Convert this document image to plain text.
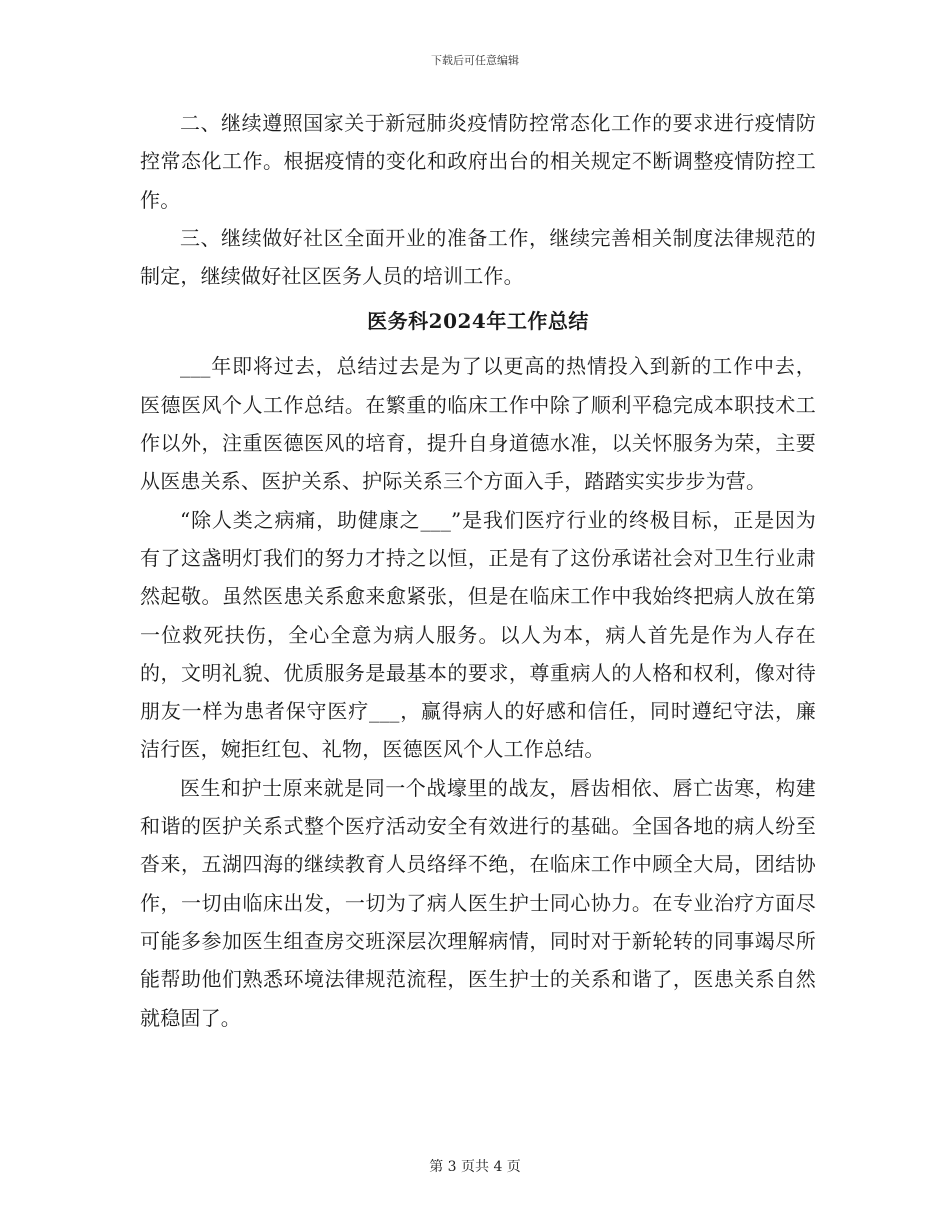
下载后可任意编辑

二、继续遵照国家关于新冠肺炎疫情防控常态化工作的要求进行疫情防控常态化工作。根据疫情的变化和政府出台的相关规定不断调整疫情防控工作。

三、继续做好社区全面开业的准备工作，继续完善相关制度法律规范的制定，继续做好社区医务人员的培训工作。

医务科2024年工作总结

___年即将过去，总结过去是为了以更高的热情投入到新的工作中去，医德医风个人工作总结。在繁重的临床工作中除了顺利平稳完成本职技术工作以外，注重医德医风的培育，提升自身道德水准，以关怀服务为荣，主要从医患关系、医护关系、护际关系三个方面入手，踏踏实实步步为营。

“除人类之病痛，助健康之___”是我们医疗行业的终极目标，正是因为有了这盏明灯我们的努力才持之以恒，正是有了这份承诺社会对卫生行业肃然起敬。虽然医患关系愈来愈紧张，但是在临床工作中我始终把病人放在第一位救死扶伤，全心全意为病人服务。以人为本，病人首先是作为人存在的，文明礼貌、优质服务是最基本的要求，尊重病人的人格和权利，像对待朋友一样为患者保守医疗___，赢得病人的好感和信任，同时遵纪守法，廉洁行医，婉拒红包、礼物，医德医风个人工作总结。

医生和护士原来就是同一个战壕里的战友，唇齿相依、唇亡齿寒，构建和谐的医护关系式整个医疗活动安全有效进行的基础。全国各地的病人纷至沓来，五湖四海的继续教育人员络绎不绝，在临床工作中顾全大局，团结协作，一切由临床出发，一切为了病人医生护士同心协力。在专业治疗方面尽可能多参加医生组查房交班深层次理解病情，同时对于新轮转的同事竭尽所能帮助他们熟悉环境法律规范流程，医生护士的关系和谐了，医患关系自然就稳固了。

第 3 页共 4 页
